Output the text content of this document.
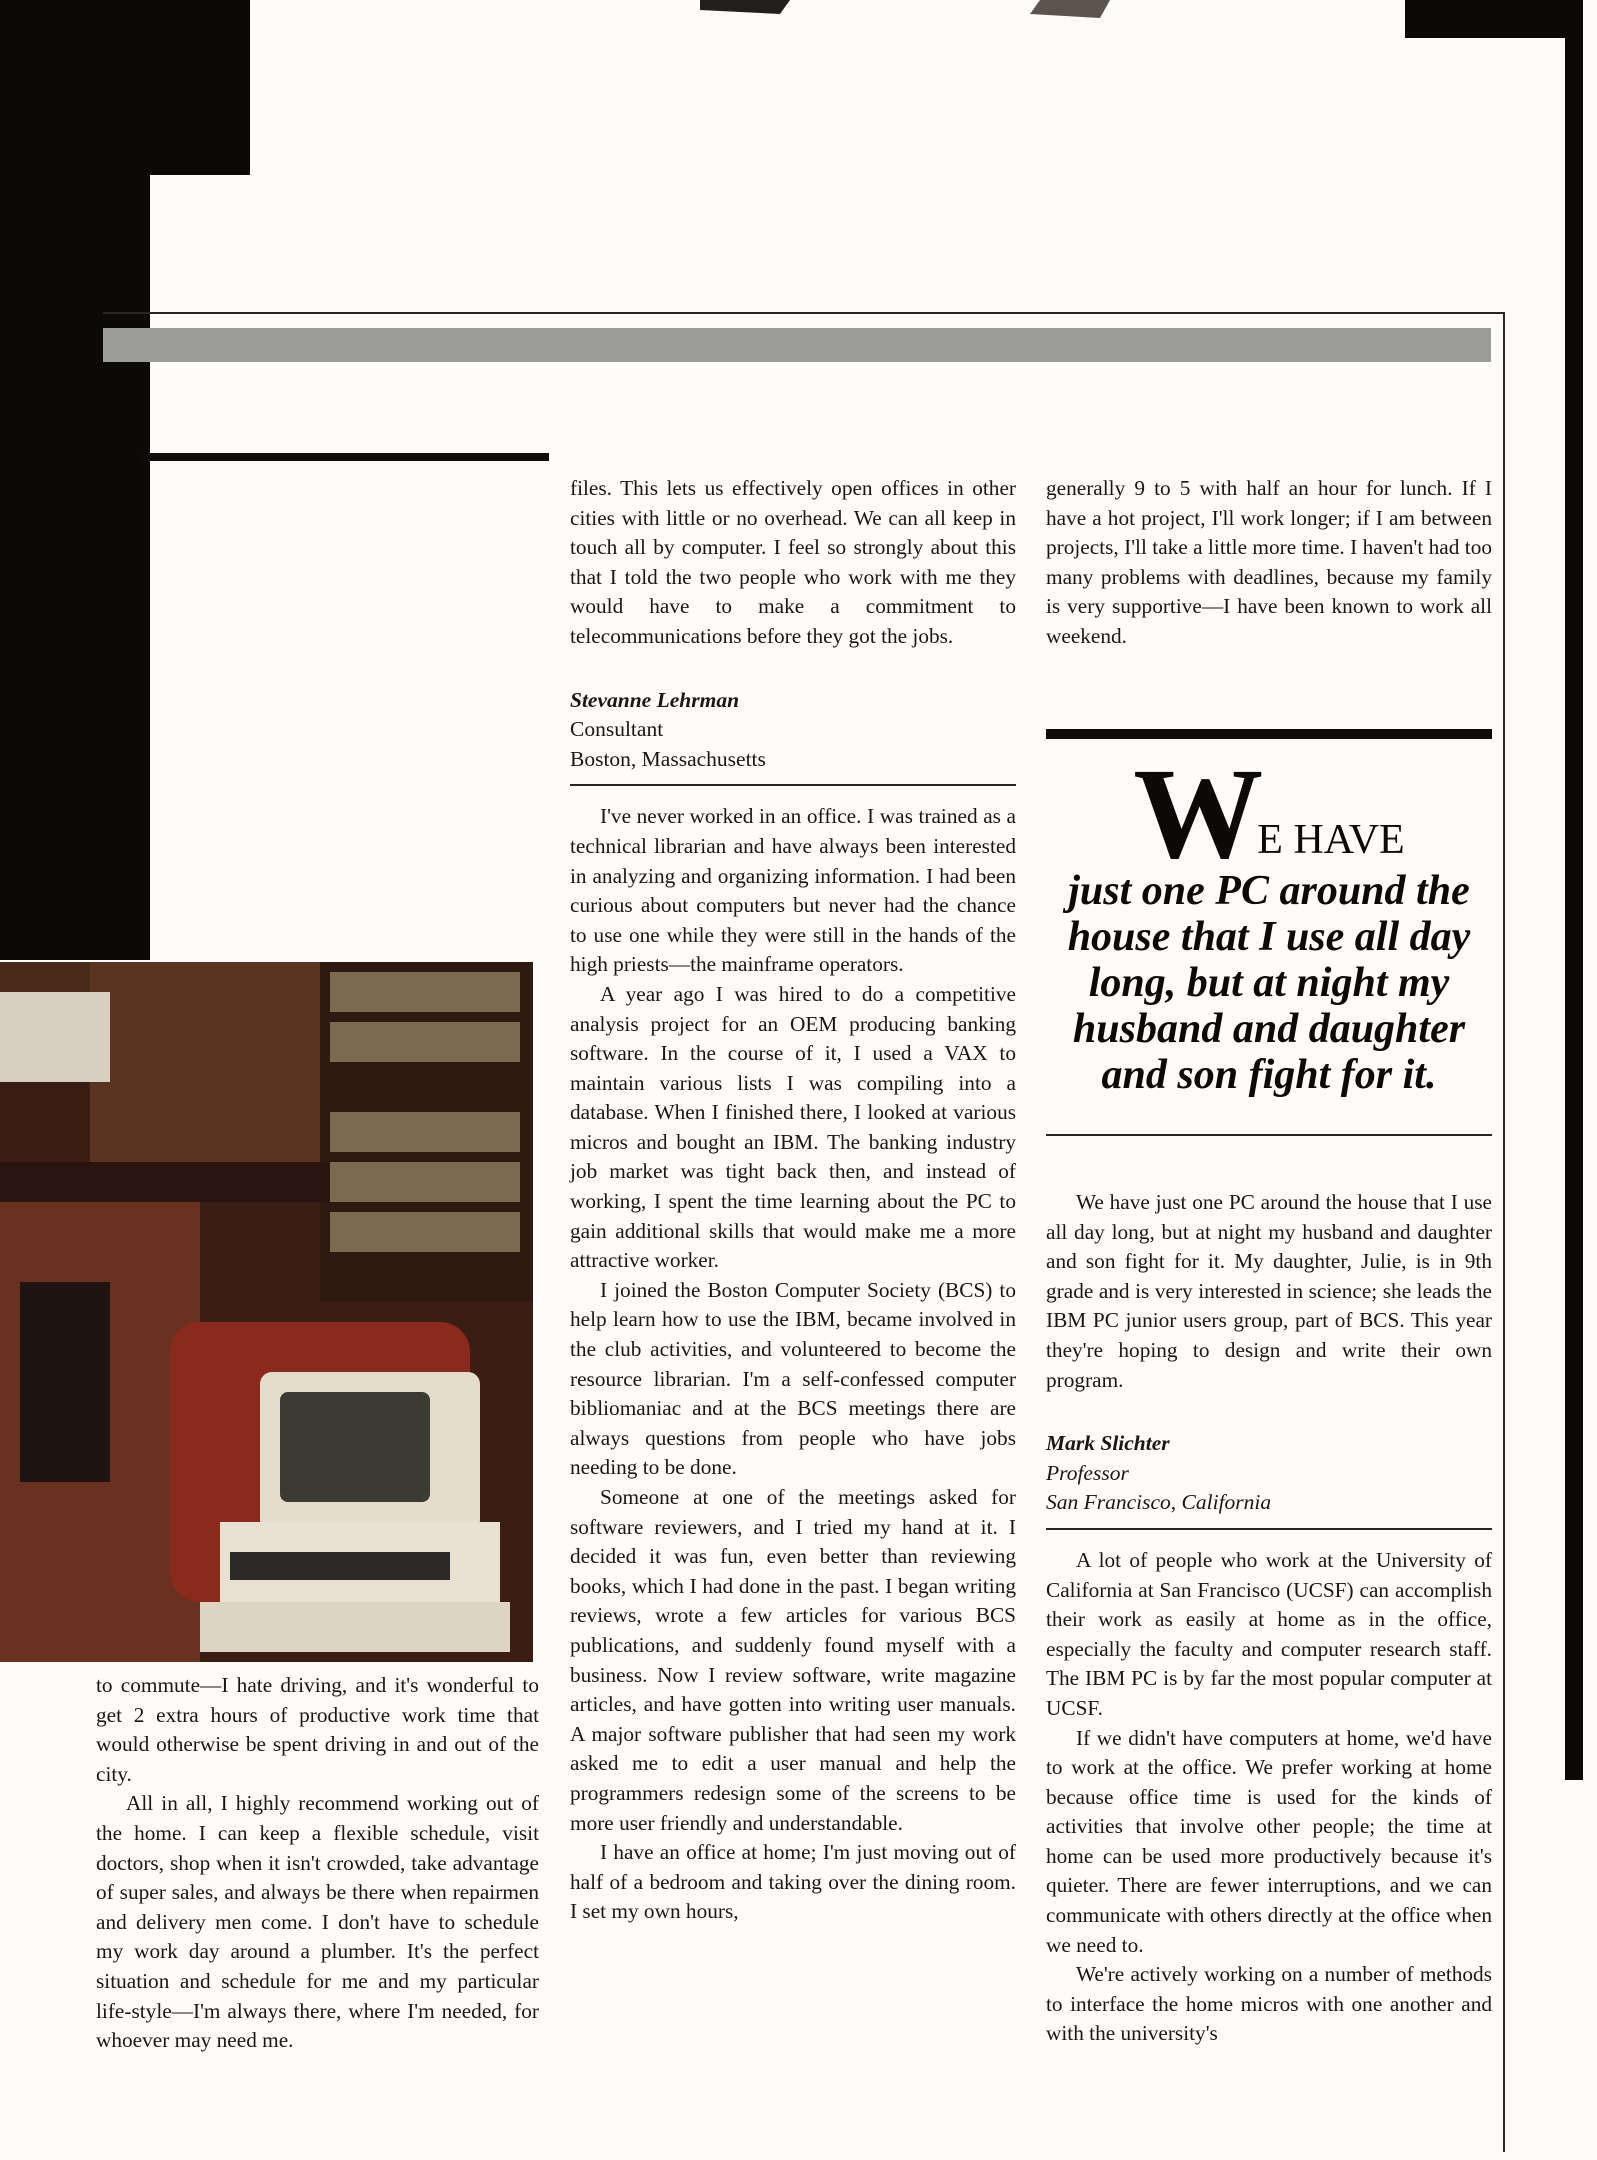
to commute—I hate driving, and it's wonderful to get 2 extra hours of productive work time that would otherwise be spent driving in and out of the city.

All in all, I highly recommend working out of the home. I can keep a flexible schedule, visit doctors, shop when it isn't crowded, take advantage of super sales, and always be there when repairmen and delivery men come. I don't have to schedule my work day around a plumber. It's the perfect situation and schedule for me and my particular life-style—I'm always there, where I'm needed, for whoever may need me.

files. This lets us effectively open offices in other cities with little or no overhead. We can all keep in touch all by computer. I feel so strongly about this that I told the two people who work with me they would have to make a commitment to telecommunications before they got the jobs.

Stevanne Lehrman
Consultant
Boston, Massachusetts

I've never worked in an office. I was trained as a technical librarian and have always been interested in analyzing and organizing information. I had been curious about computers but never had the chance to use one while they were still in the hands of the high priests—the mainframe operators.

A year ago I was hired to do a competitive analysis project for an OEM producing banking software. In the course of it, I used a VAX to maintain various lists I was compiling into a database. When I finished there, I looked at various micros and bought an IBM. The banking industry job market was tight back then, and instead of working, I spent the time learning about the PC to gain additional skills that would make me a more attractive worker.

I joined the Boston Computer Society (BCS) to help learn how to use the IBM, became involved in the club activities, and volunteered to become the resource librarian. I'm a self-confessed computer bibliomaniac and at the BCS meetings there are always questions from people who have jobs needing to be done.

Someone at one of the meetings asked for software reviewers, and I tried my hand at it. I decided it was fun, even better than reviewing books, which I had done in the past. I began writing reviews, wrote a few articles for various BCS publications, and suddenly found myself with a business. Now I review software, write magazine articles, and have gotten into writing user manuals. A major software publisher that had seen my work asked me to edit a user manual and help the programmers redesign some of the screens to be more user friendly and understandable.

I have an office at home; I'm just moving out of half of a bedroom and taking over the dining room. I set my own hours,

generally 9 to 5 with half an hour for lunch. If I have a hot project, I'll work longer; if I am between projects, I'll take a little more time. I haven't had too many problems with deadlines, because my family is very supportive—I have been known to work all weekend.

WE HAVE
just one PC around the
house that I use all day
long, but at night my
husband and daughter
and son fight for it.

We have just one PC around the house that I use all day long, but at night my husband and daughter and son fight for it. My daughter, Julie, is in 9th grade and is very interested in science; she leads the IBM PC junior users group, part of BCS. This year they're hoping to design and write their own program.

Mark Slichter
Professor
San Francisco, California

A lot of people who work at the University of California at San Francisco (UCSF) can accomplish their work as easily at home as in the office, especially the faculty and computer research staff. The IBM PC is by far the most popular computer at UCSF.

If we didn't have computers at home, we'd have to work at the office. We prefer working at home because office time is used for the kinds of activities that involve other people; the time at home can be used more productively because it's quieter. There are fewer interruptions, and we can communicate with others directly at the office when we need to.

We're actively working on a number of methods to interface the home micros with one another and with the university's
